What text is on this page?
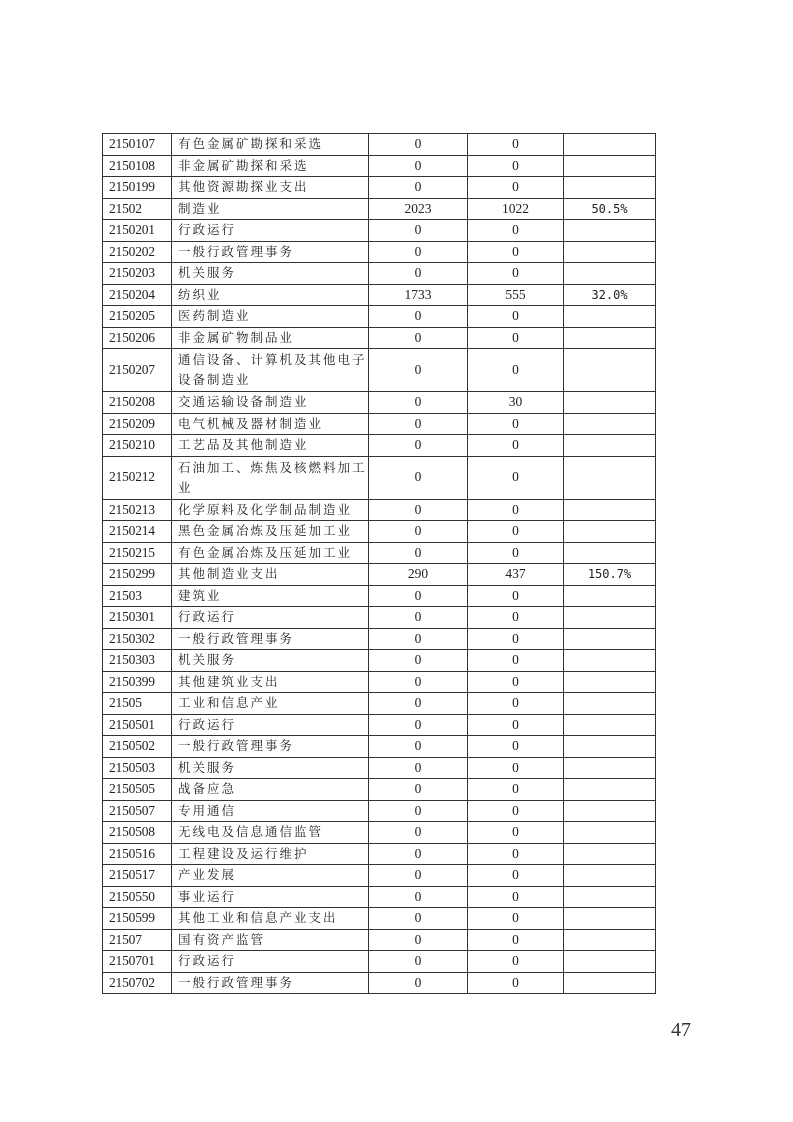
2150107	有色金属矿勘探和采选	0	0	
2150108	非金属矿勘探和采选	0	0	
2150199	其他资源勘探业支出	0	0	
21502	制造业	2023	1022	50.5%
2150201	行政运行	0	0	
2150202	一般行政管理事务	0	0	
2150203	机关服务	0	0	
2150204	纺织业	1733	555	32.0%
2150205	医药制造业	0	0	
2150206	非金属矿物制品业	0	0	
2150207	通信设备、计算机及其他电子设备制造业	0	0	
2150208	交通运输设备制造业	0	30	
2150209	电气机械及器材制造业	0	0	
2150210	工艺品及其他制造业	0	0	
2150212	石油加工、炼焦及核燃料加工业	0	0	
2150213	化学原料及化学制品制造业	0	0	
2150214	黑色金属冶炼及压延加工业	0	0	
2150215	有色金属冶炼及压延加工业	0	0	
2150299	其他制造业支出	290	437	150.7%
21503	建筑业	0	0	
2150301	行政运行	0	0	
2150302	一般行政管理事务	0	0	
2150303	机关服务	0	0	
2150399	其他建筑业支出	0	0	
21505	工业和信息产业	0	0	
2150501	行政运行	0	0	
2150502	一般行政管理事务	0	0	
2150503	机关服务	0	0	
2150505	战备应急	0	0	
2150507	专用通信	0	0	
2150508	无线电及信息通信监管	0	0	
2150516	工程建设及运行维护	0	0	
2150517	产业发展	0	0	
2150550	事业运行	0	0	
2150599	其他工业和信息产业支出	0	0	
21507	国有资产监管	0	0	
2150701	行政运行	0	0	
2150702	一般行政管理事务	0	0	
47
